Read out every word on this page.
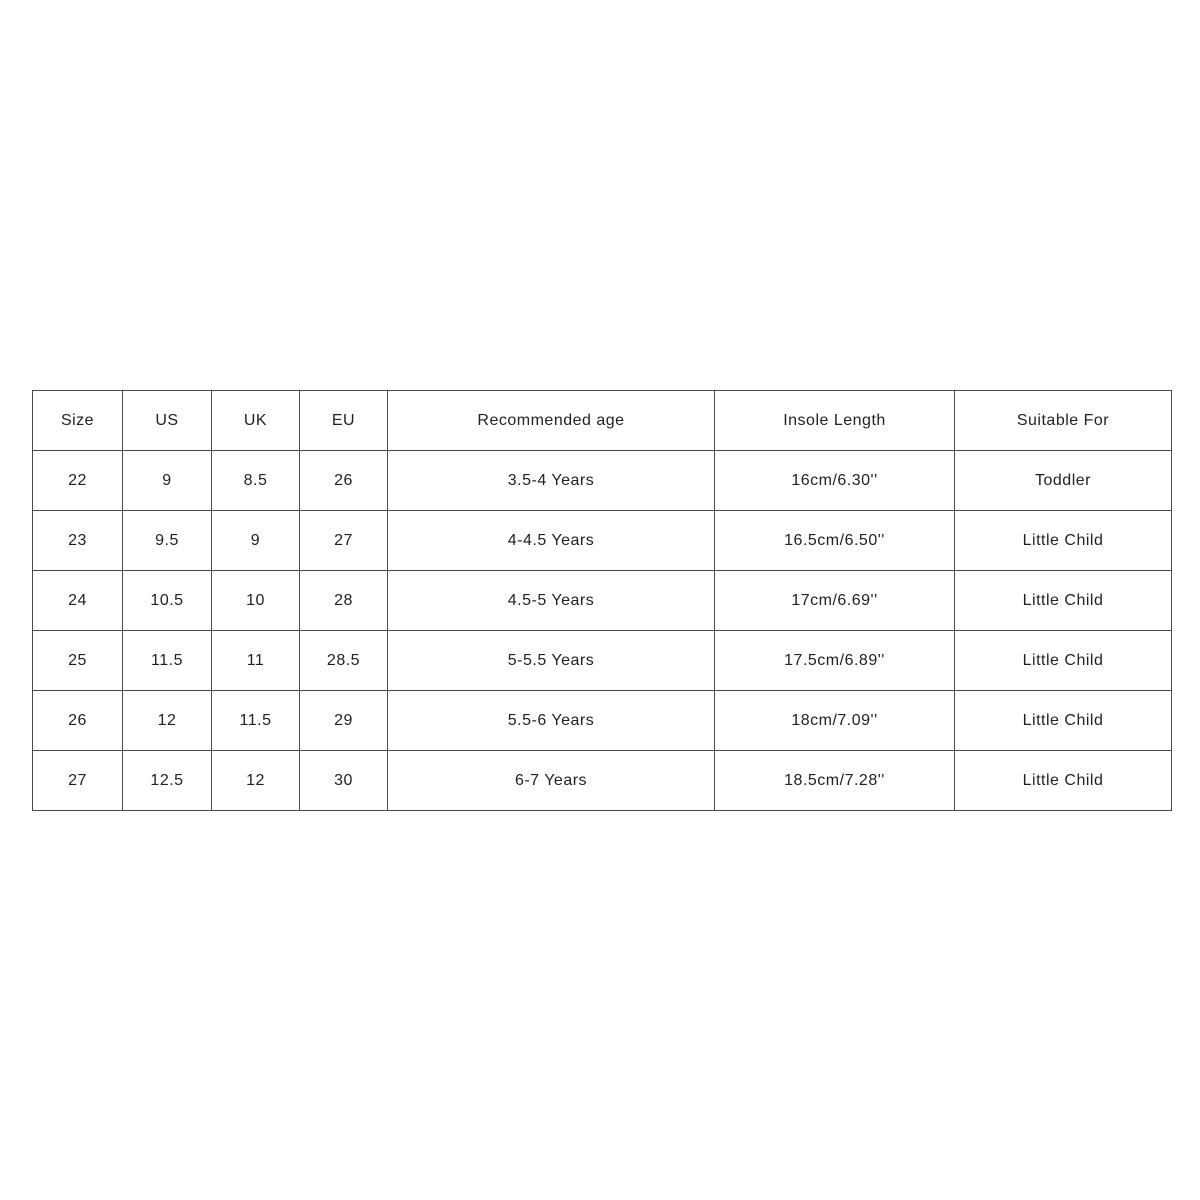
Size	US	UK	EU	Recommended age	Insole Length	Suitable For
22	9	8.5	26	3.5-4 Years	16cm/6.30''	Toddler
23	9.5	9	27	4-4.5 Years	16.5cm/6.50''	Little Child
24	10.5	10	28	4.5-5 Years	17cm/6.69''	Little Child
25	11.5	11	28.5	5-5.5 Years	17.5cm/6.89''	Little Child
26	12	11.5	29	5.5-6 Years	18cm/7.09''	Little Child
27	12.5	12	30	6-7 Years	18.5cm/7.28''	Little Child
